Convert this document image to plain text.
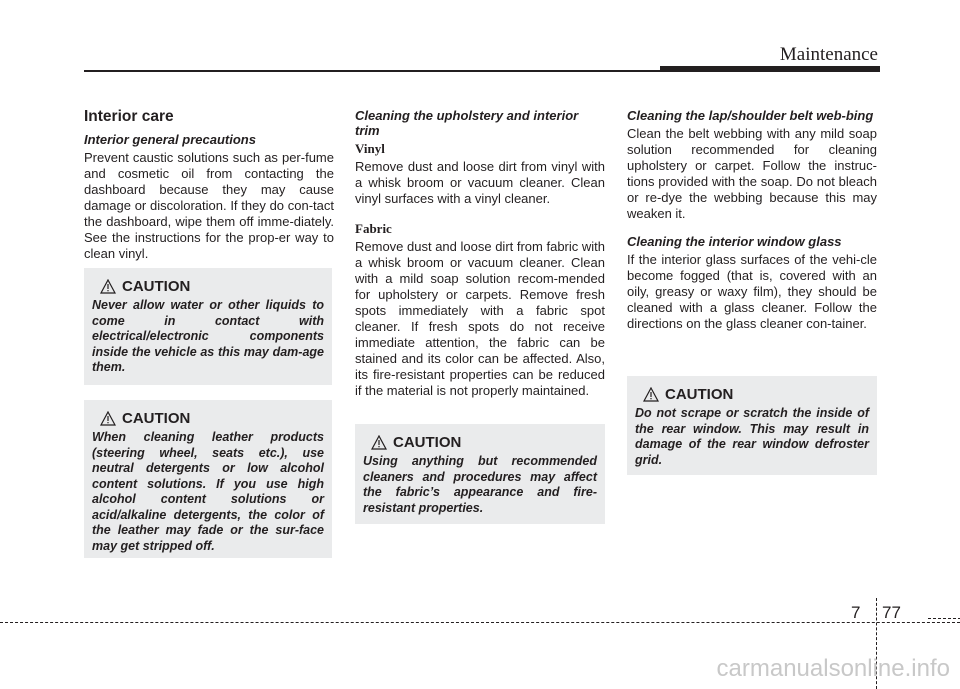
Maintenance
Interior care
Interior general precautions

Prevent caustic solutions such as per-fume and cosmetic oil from contacting the dashboard because they may cause damage or discoloration. If they do con-tact the dashboard, wipe them off imme-diately. See the instructions for the prop-er way to clean vinyl.

CAUTION
Never allow water or other liquids to come in contact with electrical/electronic components inside the vehicle as this may dam-age them.
CAUTION
When cleaning leather products (steering wheel, seats etc.), use neutral detergents or low alcohol content solutions. If you use high alcohol content solutions or acid/alkaline detergents, the color of the leather may fade or the sur-face may get stripped off.
Cleaning the upholstery and interior trim
Vinyl

Remove dust and loose dirt from vinyl with a whisk broom or vacuum cleaner. Clean vinyl surfaces with a vinyl cleaner.

Fabric

Remove dust and loose dirt from fabric with a whisk broom or vacuum cleaner. Clean with a mild soap solution recom-mended for upholstery or carpets. Remove fresh spots immediately with a fabric spot cleaner. If fresh spots do not receive immediate attention, the fabric can be stained and its color can be affected. Also, its fire-resistant properties can be reduced if the material is not properly maintained.

CAUTION
Using anything but recommended cleaners and procedures may affect the fabric’s appearance and fire-resistant properties.
Cleaning the lap/shoulder belt web-bing

Clean the belt webbing with any mild soap solution recommended for cleaning upholstery or carpet. Follow the instruc-tions provided with the soap. Do not bleach or re-dye the webbing because this may weaken it.

Cleaning the interior window glass

If the interior glass surfaces of the vehi-cle become fogged (that is, covered with an oily, greasy or waxy film), they should be cleaned with a glass cleaner. Follow the directions on the glass cleaner con-tainer.

CAUTION
Do not scrape or scratch the inside of the rear window. This may result in damage of the rear window defroster grid.
7 77
carmanualsonline.info
